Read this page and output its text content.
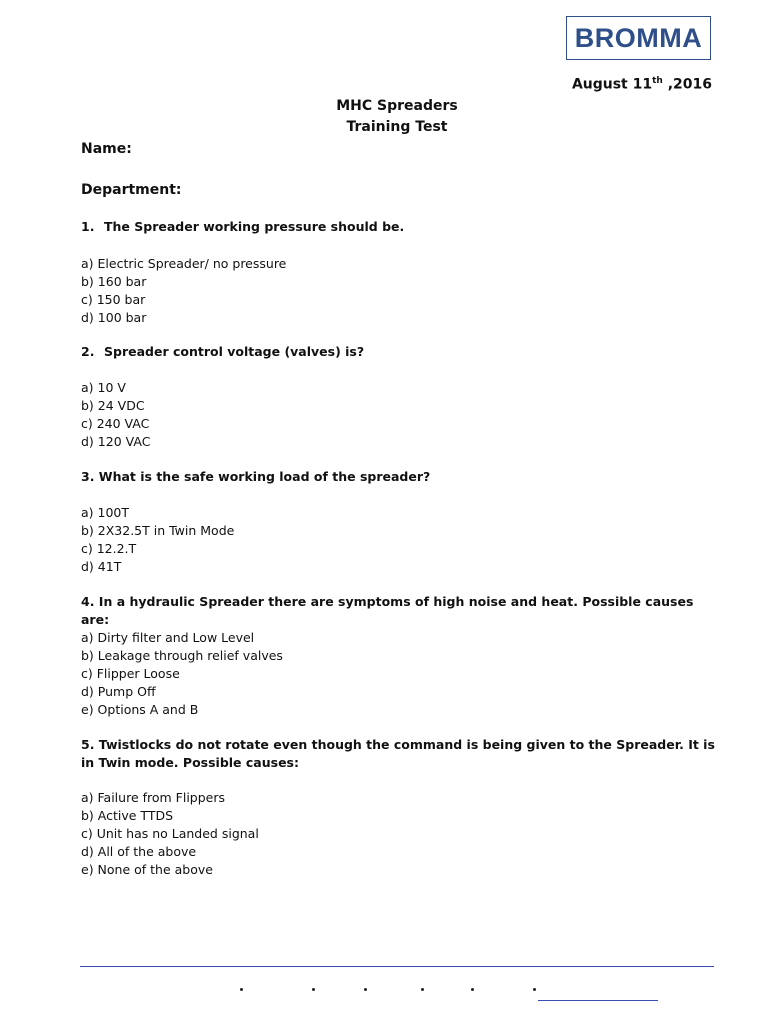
BROMMA
August 11th ,2016
MHC Spreaders
Training Test
Name:
Department:
1. The Spreader working pressure should be.
a) Electric Spreader/ no pressure
b) 160 bar
c) 150 bar
d) 100 bar
2. Spreader control voltage (valves) is?
a) 10 V
b) 24 VDC
c) 240 VAC
d) 120 VAC
3. What is the safe working load of the spreader?
a) 100T
b) 2X32.5T in Twin Mode
c) 12.2.T
d) 41T
4. In a hydraulic Spreader there are symptoms of high noise and heat. Possible causes are:
a) Dirty filter and Low Level
b) Leakage through relief valves
c) Flipper Loose
d) Pump Off
e) Options A and B
5. Twistlocks do not rotate even though the command is being given to the Spreader. It is in Twin mode. Possible causes:
a) Failure from Flippers
b) Active TTDS
c) Unit has no Landed signal
d) All of the above
e) None of the above
